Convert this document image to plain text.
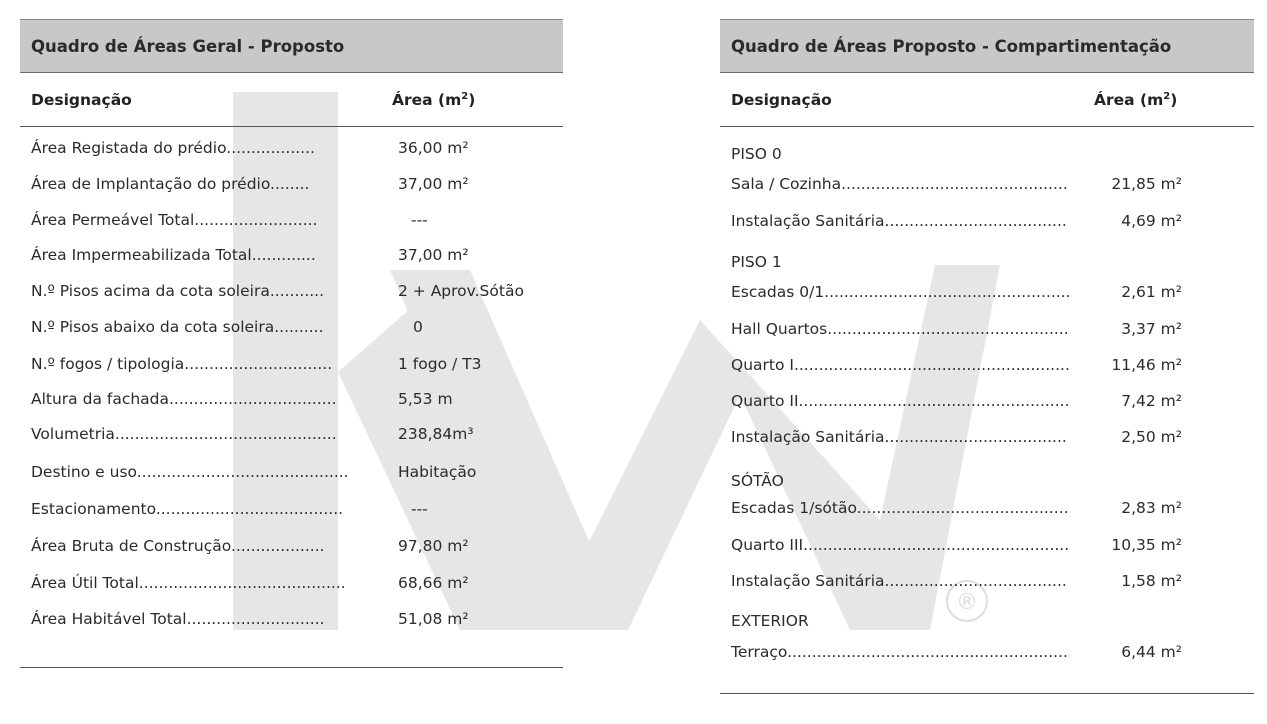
®
Quadro de Áreas Geral - Proposto
Designação	Área $(m^2)$
Área Registada do prédio..................	36,00 m²
Área de Implantação do prédio........	37,00 m²
Área Permeável Total.........................	---
Área Impermeabilizada Total.............	37,00 m²
N.º Pisos acima da cota soleira...........	2 + Aprov.Sótão
N.º Pisos abaixo da cota soleira..........	0
N.º fogos / tipologia..............................	1 fogo / T3
Altura da fachada..................................	5,53 m
Volumetria.............................................	238,84m³
Destino e uso...........................................	Habitação
Estacionamento......................................	---
Área Bruta de Construção...................	97,80 m²
Área Útil Total..........................................	68,66 m²
Área Habitável Total............................	51,08 m²
Quadro de Áreas Proposto - Compartimentação
Designação	Área $(m^2)$
PISO 0
Sala / Cozinha..............................................	21,85 m²
Instalação Sanitária.....................................	4,69 m²
PISO 1
Escadas 0/1..................................................	2,61 m²
Hall Quartos.................................................	3,37 m²
Quarto I........................................................	11,46 m²
Quarto II.......................................................	7,42 m²
Instalação Sanitária.....................................	2,50 m²
SÓTÃO
Escadas 1/sótão...........................................	2,83 m²
Quarto III......................................................	10,35 m²
Instalação Sanitária.....................................	1,58 m²
EXTERIOR
Terraço.........................................................	6,44 m²
